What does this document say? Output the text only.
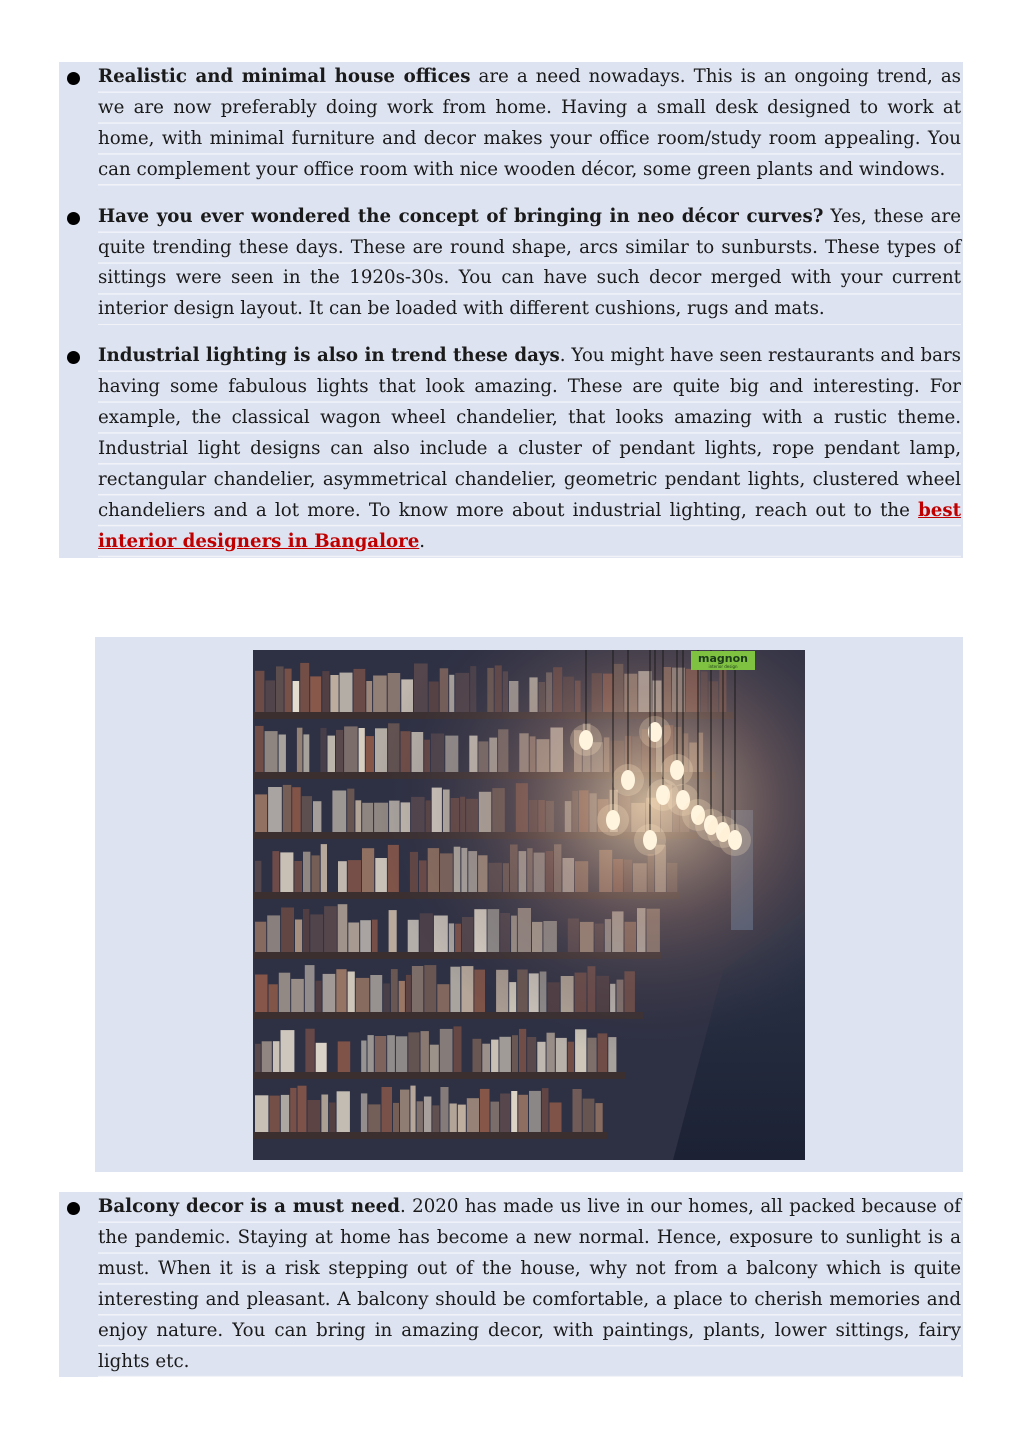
Realistic and minimal house offices are a need nowadays. This is an ongoing trend, as we are now preferably doing work from home. Having a small desk designed to work at home, with minimal furniture and decor makes your office room/study room appealing. You can complement your office room with nice wooden décor, some green plants and windows.
Have you ever wondered the concept of bringing in neo décor curves? Yes, these are quite trending these days. These are round shape, arcs similar to sunbursts. These types of sittings were seen in the 1920s-30s. You can have such decor merged with your current interior design layout. It can be loaded with different cushions, rugs and mats.
Industrial lighting is also in trend these days. You might have seen restaurants and bars having some fabulous lights that look amazing. These are quite big and interesting. For example, the classical wagon wheel chandelier, that looks amazing with a rustic theme. Industrial light designs can also include a cluster of pendant lights, rope pendant lamp, rectangular chandelier, asymmetrical chandelier, geometric pendant lights, clustered wheel chandeliers and a lot more. To know more about industrial lighting, reach out to the best interior designers in Bangalore.
magnon
interior design
Balcony decor is a must need. 2020 has made us live in our homes, all packed because of the pandemic. Staying at home has become a new normal. Hence, exposure to sunlight is a must. When it is a risk stepping out of the house, why not from a balcony which is quite interesting and pleasant. A balcony should be comfortable, a place to cherish memories and enjoy nature. You can bring in amazing decor, with paintings, plants, lower sittings, fairy lights etc.
